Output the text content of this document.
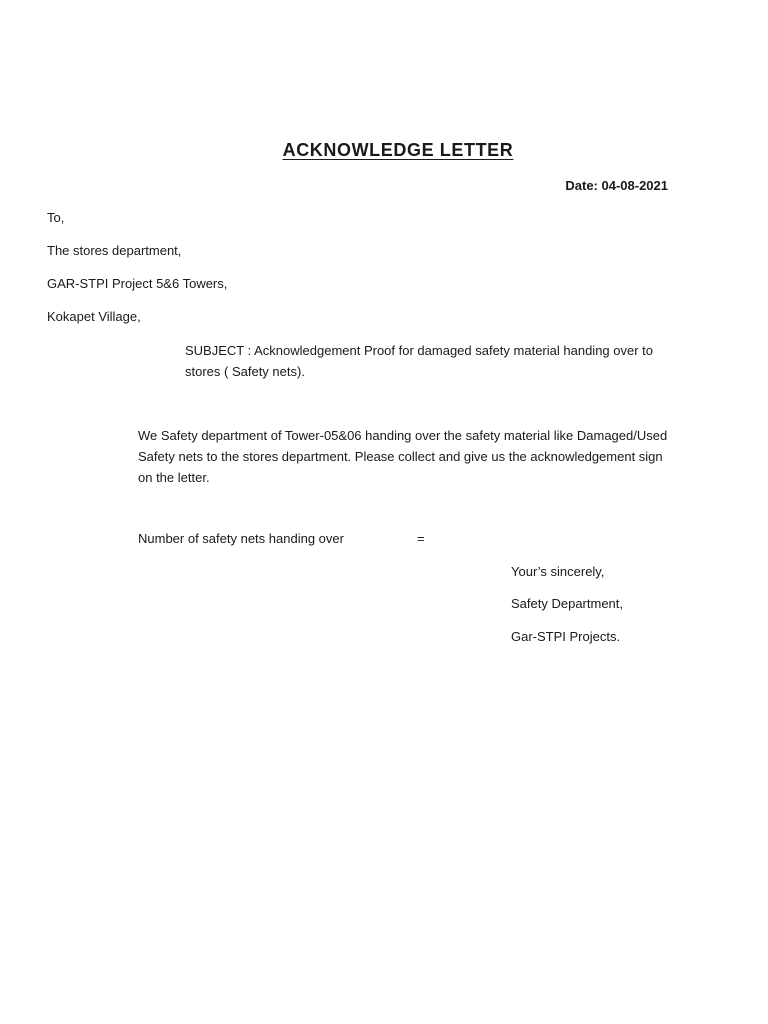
ACKNOWLEDGE LETTER
Date: 04-08-2021
To,
The stores department,
GAR-STPI Project 5&6 Towers,
Kokapet Village,
SUBJECT : Acknowledgement Proof for damaged safety material handing over to stores ( Safety nets).
We Safety department of Tower-05&06 handing over the safety material like Damaged/Used Safety nets to the stores department. Please collect and give us the acknowledgement sign on the letter.
Number of safety nets handing over	=
Your’s sincerely,
Safety Department,
Gar-STPI Projects.
